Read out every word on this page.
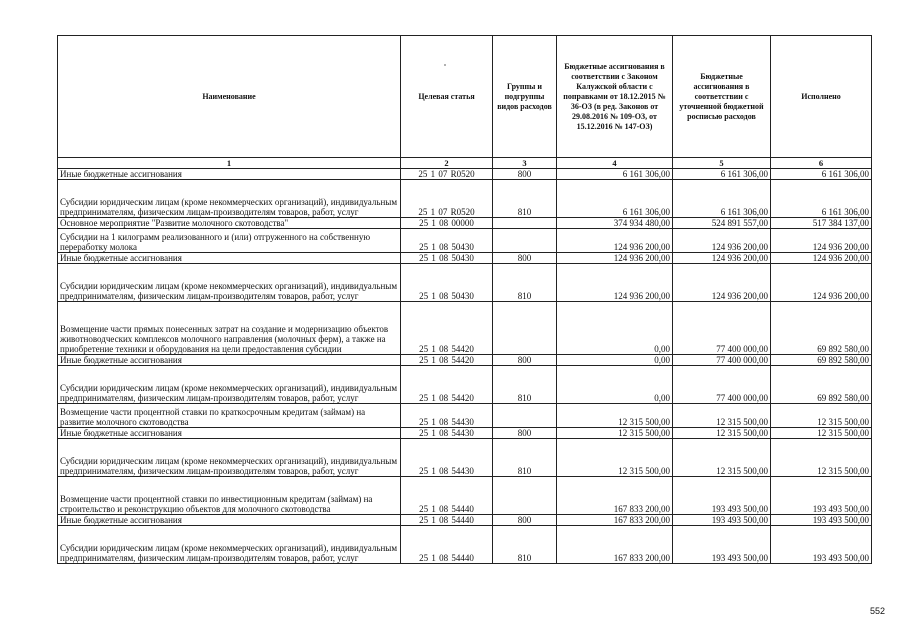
Наименование	Целевая статья	Группы и подгруппы видов расходов	Бюджетные ассигнования в соответствии с Законом Калужской области с поправками от 18.12.2015 № 36-ОЗ (в ред. Законов от 29.08.2016 № 109-ОЗ, от 15.12.2016 № 147-ОЗ)	Бюджетные ассигнования в соответствии с уточненной бюджетной росписью расходов	Исполнено
1	2	3	4	5	6
Иные бюджетные ассигнования	25 1 07 R0520	800	6 161 306,00	6 161 306,00	6 161 306,00
Субсидии юридическим лицам (кроме некоммерческих организаций), индивидуальным предпринимателям, физическим лицам-производителям товаров, работ, услуг	25 1 07 R0520	810	6 161 306,00	6 161 306,00	6 161 306,00
Основное мероприятие "Развитие молочного скотоводства"	25 1 08 00000		374 934 480,00	524 891 557,00	517 384 137,00
Субсидии на 1 килограмм реализованного и (или) отгруженного на собственную переработку молока	25 1 08 50430		124 936 200,00	124 936 200,00	124 936 200,00
Иные бюджетные ассигнования	25 1 08 50430	800	124 936 200,00	124 936 200,00	124 936 200,00
Субсидии юридическим лицам (кроме некоммерческих организаций), индивидуальным предпринимателям, физическим лицам-производителям товаров, работ, услуг	25 1 08 50430	810	124 936 200,00	124 936 200,00	124 936 200,00
Возмещение части прямых понесенных затрат на создание и модернизацию объектов животноводческих комплексов молочного направления (молочных ферм), а также на приобретение техники и оборудования на цели предоставления субсидии	25 1 08 54420		0,00	77 400 000,00	69 892 580,00
Иные бюджетные ассигнования	25 1 08 54420	800	0,00	77 400 000,00	69 892 580,00
Субсидии юридическим лицам (кроме некоммерческих организаций), индивидуальным предпринимателям, физическим лицам-производителям товаров, работ, услуг	25 1 08 54420	810	0,00	77 400 000,00	69 892 580,00
Возмещение части процентной ставки по краткосрочным кредитам (займам) на развитие молочного скотоводства	25 1 08 54430		12 315 500,00	12 315 500,00	12 315 500,00
Иные бюджетные ассигнования	25 1 08 54430	800	12 315 500,00	12 315 500,00	12 315 500,00
Субсидии юридическим лицам (кроме некоммерческих организаций), индивидуальным предпринимателям, физическим лицам-производителям товаров, работ, услуг	25 1 08 54430	810	12 315 500,00	12 315 500,00	12 315 500,00
Возмещение части процентной ставки по инвестиционным кредитам (займам) на строительство и реконструкцию объектов для молочного скотоводства	25 1 08 54440		167 833 200,00	193 493 500,00	193 493 500,00
Иные бюджетные ассигнования	25 1 08 54440	800	167 833 200,00	193 493 500,00	193 493 500,00
Субсидии юридическим лицам (кроме некоммерческих организаций), индивидуальным предпринимателям, физическим лицам-производителям товаров, работ, услуг	25 1 08 54440	810	167 833 200,00	193 493 500,00	193 493 500,00
552
